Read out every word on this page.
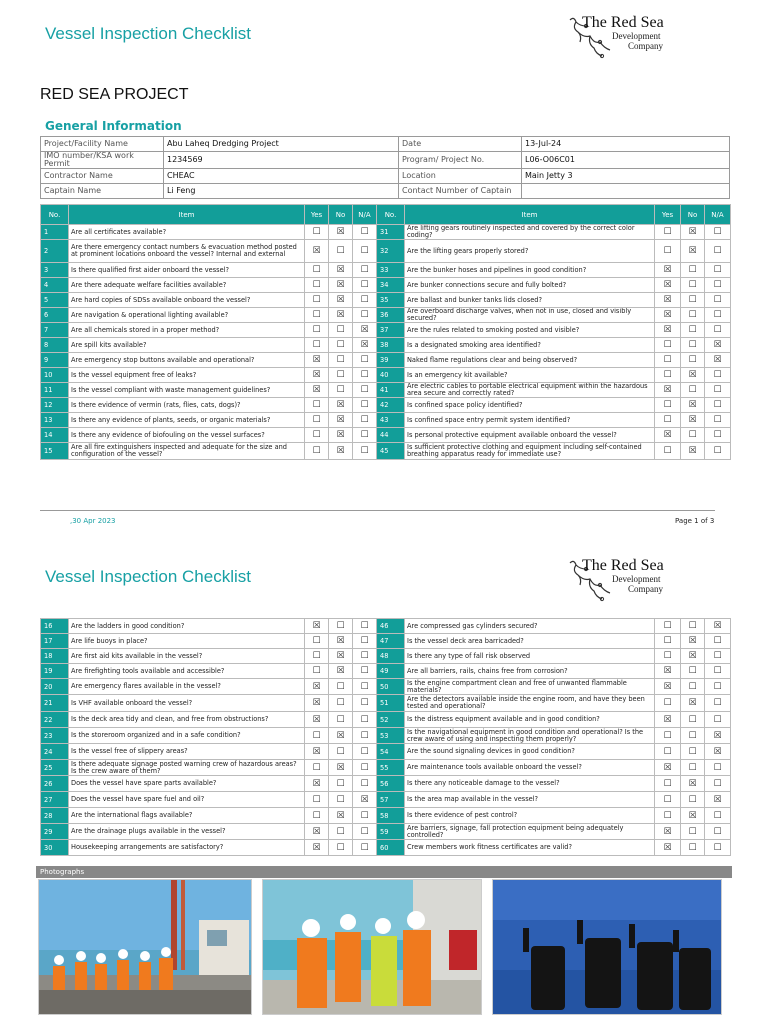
Vessel Inspection Checklist
The Red Sea
Development
Company
RED SEA PROJECT
General Information
Project/Facility Name	Abu Laheq Dredging Project	Date	13-Jul-24
IMO number/KSA work Permit	1234569	Program/ Project No.	L06-O06C01
Contractor Name	CHEAC	Location	Main Jetty 3
Captain Name	Li Feng	Contact Number of Captain	
No.	Item	Yes	No	N/A	No.	Item	Yes	No	N/A
1	Are all certificates available?	☐	☒	☐	31	Are lifting gears routinely inspected and covered by the correct color coding?	☐	☒	☐
2	Are there emergency contact numbers & evacuation method posted at prominent locations onboard the vessel? Internal and external	☒	☐	☐	32	Are the lifting gears properly stored?	☐	☒	☐
3	Is there qualified first aider onboard the vessel?	☐	☒	☐	33	Are the bunker hoses and pipelines in good condition?	☒	☐	☐
4	Are there adequate welfare facilities available?	☐	☒	☐	34	Are bunker connections secure and fully bolted?	☒	☐	☐
5	Are hard copies of SDSs available onboard the vessel?	☐	☒	☐	35	Are ballast and bunker tanks lids closed?	☒	☐	☐
6	Are navigation & operational lighting available?	☐	☒	☐	36	Are overboard discharge valves, when not in use, closed and visibly secured?	☒	☐	☐
7	Are all chemicals stored in a proper method?	☐	☐	☒	37	Are the rules related to smoking posted and visible?	☒	☐	☐
8	Are spill kits available?	☐	☐	☒	38	Is a designated smoking area identified?	☐	☐	☒
9	Are emergency stop buttons available and operational?	☒	☐	☐	39	Naked flame regulations clear and being observed?	☐	☐	☒
10	Is the vessel equipment free of leaks?	☒	☐	☐	40	Is an emergency kit available?	☐	☒	☐
11	Is the vessel compliant with waste management guidelines?	☒	☐	☐	41	Are electric cables to portable electrical equipment within the hazardous area secure and correctly rated?	☒	☐	☐
12	Is there evidence of vermin (rats, flies, cats, dogs)?	☐	☒	☐	42	Is confined space policy identified?	☐	☒	☐
13	Is there any evidence of plants, seeds, or organic materials?	☐	☒	☐	43	Is confined space entry permit system identified?	☐	☒	☐
14	Is there any evidence of biofouling on the vessel surfaces?	☐	☒	☐	44	Is personal protective equipment available onboard the vessel?	☒	☐	☐
15	Are all fire extinguishers inspected and adequate for the size and configuration of the vessel?	☐	☒	☐	45	Is sufficient protective clothing and equipment including self-contained breathing apparatus ready for immediate use?	☐	☒	☐
,30 Apr 2023	Page 1 of 3
Vessel Inspection Checklist
The Red Sea
Development
Company
16	Are the ladders in good condition?	☒	☐	☐	46	Are compressed gas cylinders secured?	☐	☐	☒
17	Are life buoys in place?	☐	☒	☐	47	Is the vessel deck area barricaded?	☐	☒	☐
18	Are first aid kits available in the vessel?	☐	☒	☐	48	Is there any type of fall risk observed	☐	☒	☐
19	Are firefighting tools available and accessible?	☐	☒	☐	49	Are all barriers, rails, chains free from corrosion?	☒	☐	☐
20	Are emergency flares available in the vessel?	☒	☐	☐	50	Is the engine compartment clean and free of unwanted flammable materials?	☒	☐	☐
21	Is VHF available onboard the vessel?	☒	☐	☐	51	Are the detectors available inside the engine room, and have they been tested and operational?	☐	☒	☐
22	Is the deck area tidy and clean, and free from obstructions?	☒	☐	☐	52	Is the distress equipment available and in good condition?	☒	☐	☐
23	Is the storeroom organized and in a safe condition?	☐	☒	☐	53	Is the navigational equipment in good condition and operational? Is the crew aware of using and inspecting them properly?	☐	☐	☒
24	Is the vessel free of slippery areas?	☒	☐	☐	54	Are the sound signaling devices in good condition?	☐	☐	☒
25	Is there adequate signage posted warning crew of hazardous areas? Is the crew aware of them?	☐	☒	☐	55	Are maintenance tools available onboard the vessel?	☒	☐	☐
26	Does the vessel have spare parts available?	☒	☐	☐	56	Is there any noticeable damage to the vessel?	☐	☒	☐
27	Does the vessel have spare fuel and oil?	☐	☐	☒	57	Is the area map available in the vessel?	☐	☐	☒
28	Are the international flags available?	☐	☒	☐	58	Is there evidence of pest control?	☐	☒	☐
29	Are the drainage plugs available in the vessel?	☒	☐	☐	59	Are barriers, signage, fall protection equipment being adequately controlled?	☒	☐	☐
30	Housekeeping arrangements are satisfactory?	☒	☐	☐	60	Crew members work fitness certificates are valid?	☒	☐	☐
Photographs
